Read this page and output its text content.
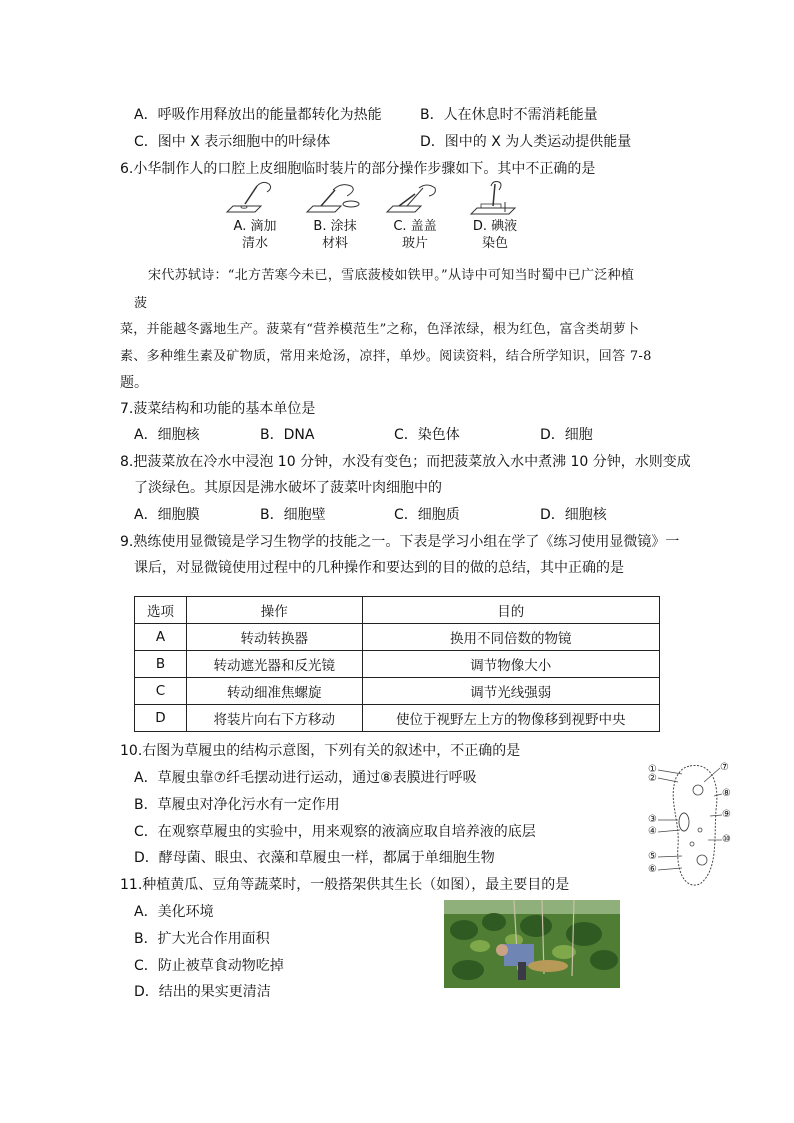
A．呼吸作用释放出的能量都转化为热能	B．人在休息时不需消耗能量
C．图中 X 表示细胞中的叶绿体	D．图中的 X 为人类运动提供能量
6.小华制作人的口腔上皮细胞临时装片的部分操作步骤如下。其中不正确的是
A. 滴加
清水
B. 涂抹
材料
C. 盖盖
玻片
D. 碘液
染色
宋代苏轼诗：“北方苦寒今未已，雪底菠棱如铁甲。”从诗中可知当时蜀中已广泛种植
菠
菜，并能越冬露地生产。菠菜有“营养模范生”之称，色泽浓绿，根为红色，富含类胡萝卜
素、多种维生素及矿物质，常用来炝汤，凉拌，单炒。阅读资料，结合所学知识，回答 7-8
题。
7.菠菜结构和功能的基本单位是
A．细胞核	B．DNA	C．染色体	D．细胞
8.把菠菜放在冷水中浸泡 10 分钟，水没有变色；而把菠菜放入水中煮沸 10 分钟，水则变成
了淡绿色。其原因是沸水破坏了菠菜叶肉细胞中的
A．细胞膜	B．细胞壁	C．细胞质	D．细胞核
9.熟练使用显微镜是学习生物学的技能之一。下表是学习小组在学了《练习使用显微镜》一
课后，对显微镜使用过程中的几种操作和要达到的目的做的总结，其中正确的是
选项	操作	目的
A	转动转换器	换用不同倍数的物镜
B	转动遮光器和反光镜	调节物像大小
C	转动细准焦螺旋	调节光线强弱
D	将装片向右下方移动	使位于视野左上方的物像移到视野中央
10.右图为草履虫的结构示意图，下列有关的叙述中，不正确的是
A．草履虫靠⑦纤毛摆动进行运动，通过⑧表膜进行呼吸
B．草履虫对净化污水有一定作用
C．在观察草履虫的实验中，用来观察的液滴应取自培养液的底层
D．酵母菌、眼虫、衣藻和草履虫一样，都属于单细胞生物
①
②
③
④
⑤
⑥
⑦
⑧
⑨
⑩
11.种植黄瓜、豆角等蔬菜时，一般搭架供其生长（如图），最主要目的是
A．美化环境
B．扩大光合作用面积
C．防止被草食动物吃掉
D．结出的果实更清洁
